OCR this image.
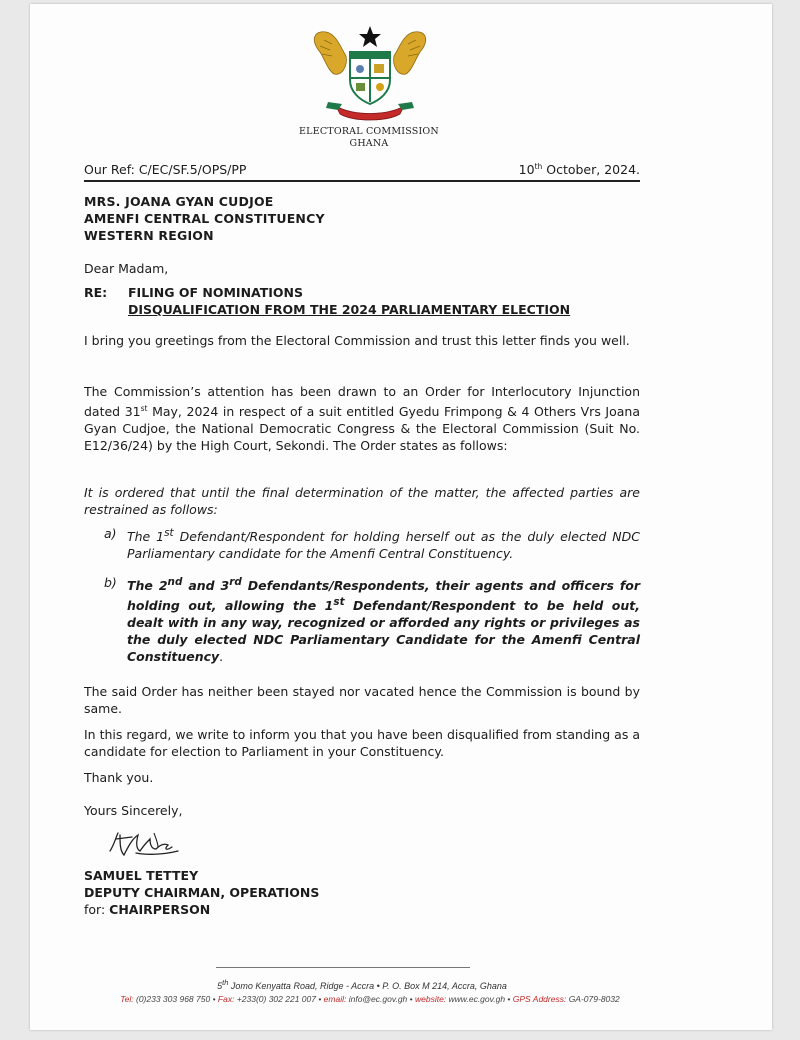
ELECTORAL COMMISSION
GHANA
Our Ref: C/EC/SF.5/OPS/PP	10th October, 2024.
MRS. JOANA GYAN CUDJOE
AMENFI CENTRAL CONSTITUENCY
WESTERN REGION
Dear Madam,
RE: FILING OF NOMINATIONS
DISQUALIFICATION FROM THE 2024 PARLIAMENTARY ELECTION
I bring you greetings from the Electoral Commission and trust this letter finds you well.
The Commission’s attention has been drawn to an Order for Interlocutory Injunction dated 31st May, 2024 in respect of a suit entitled Gyedu Frimpong & 4 Others Vrs Joana Gyan Cudjoe, the National Democratic Congress & the Electoral Commission (Suit No. E12/36/24) by the High Court, Sekondi. The Order states as follows:
It is ordered that until the final determination of the matter, the affected parties are restrained as follows:
a) The 1st Defendant/Respondent for holding herself out as the duly elected NDC Parliamentary candidate for the Amenfi Central Constituency.
b) The 2nd and 3rd Defendants/Respondents, their agents and officers for holding out, allowing the 1st Defendant/Respondent to be held out, dealt with in any way, recognized or afforded any rights or privileges as the duly elected NDC Parliamentary Candidate for the Amenfi Central Constituency.
The said Order has neither been stayed nor vacated hence the Commission is bound by same.
In this regard, we write to inform you that you have been disqualified from standing as a candidate for election to Parliament in your Constituency.
Thank you.
Yours Sincerely,
SAMUEL TETTEY
DEPUTY CHAIRMAN, OPERATIONS
for: CHAIRPERSON
5th Jomo Kenyatta Road, Ridge - Accra • P. O. Box M 214, Accra, Ghana
Tel: (0)233 303 968 750 • Fax: +233(0) 302 221 007 • email: info@ec.gov.gh • website: www.ec.gov.gh • GPS Address: GA-079-8032
